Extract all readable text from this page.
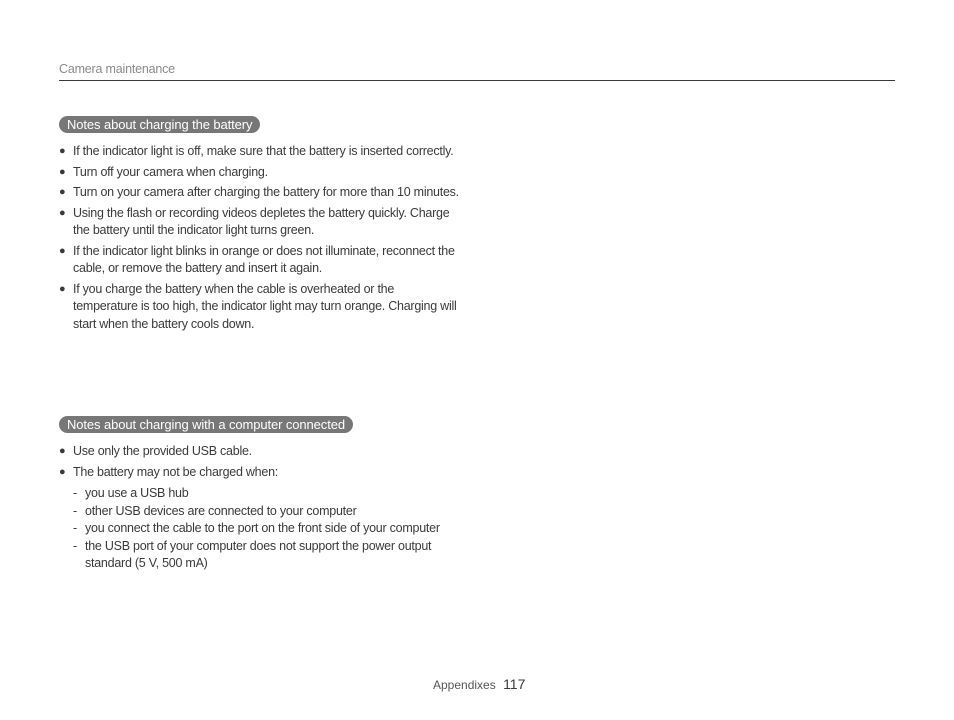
Camera maintenance
Notes about charging the battery
● If the indicator light is off, make sure that the battery is inserted correctly.
● Turn off your camera when charging.
● Turn on your camera after charging the battery for more than 10 minutes.
● Using the flash or recording videos depletes the battery quickly. Charge the battery until the indicator light turns green.
● If the indicator light blinks in orange or does not illuminate, reconnect the cable, or remove the battery and insert it again.
● If you charge the battery when the cable is overheated or the temperature is too high, the indicator light may turn orange. Charging will start when the battery cools down.
Notes about charging with a computer connected
● Use only the provided USB cable.
● The battery may not be charged when:
- you use a USB hub
- other USB devices are connected to your computer
- you connect the cable to the port on the front side of your computer
- the USB port of your computer does not support the power output standard (5 V, 500 mA)
Appendixes 117
